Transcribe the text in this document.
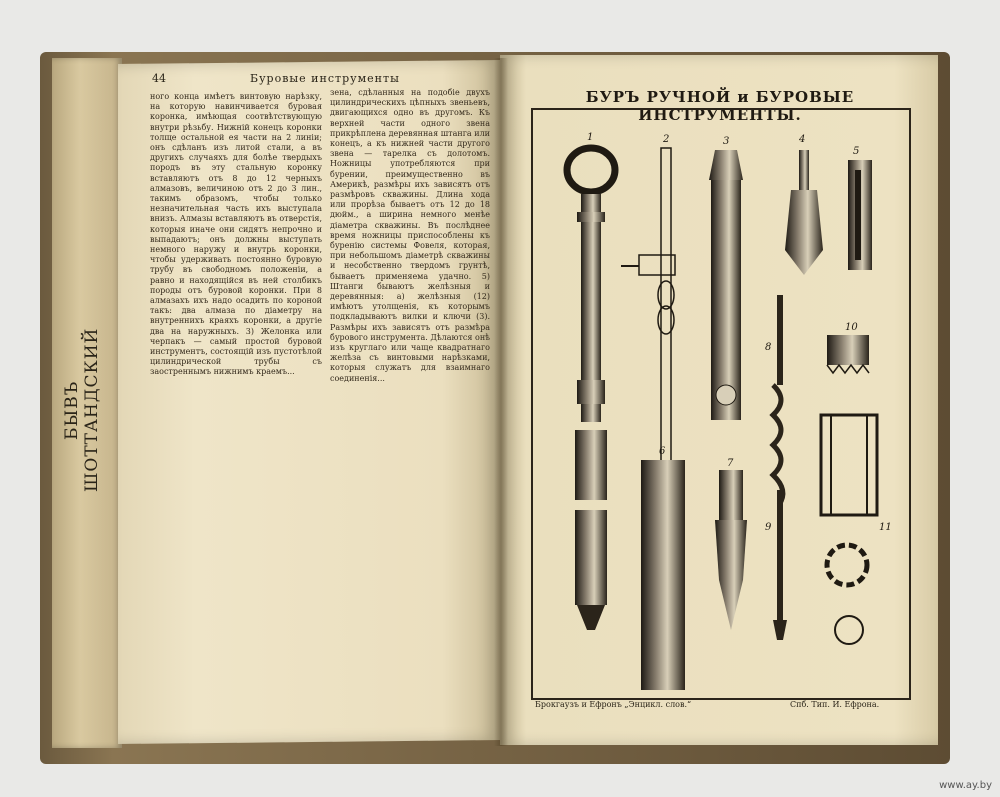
БЫВЪ ШОТТАНДСКИЙ
44	Буровые инструменты
ного конца имѣетъ винтовую нарѣзку, на которую навинчивается буровая коронка, имѣющая соотвѣтствующую внутри рѣзьбу. Нижній конецъ коронки толще остальной ея части на 2 линіи; онъ сдѣланъ изъ литой стали, а въ другихъ случаяхъ для болѣе твердыхъ породъ въ эту стальную коронку вставляютъ отъ 8 до 12 черныхъ алмазовъ, величиною отъ 2 до 3 лин., такимъ образомъ, чтобы только незначительная часть ихъ выступала внизъ. Алмазы вставляютъ въ отверстія, которыя иначе они сидятъ непрочно и выпадаютъ; онъ должны выступать немного наружу и внутрь коронки, чтобы удерживать постоянно буровую трубу въ свободномъ положеніи, а равно и находящійся въ ней столбикъ породы отъ буровой коронки. При 8 алмазахъ ихъ надо осадить по короной такъ: два алмаза по діаметру на внутреннихъ краяхъ коронки, а другіе два на наружныхъ. 3) Желонка или черпакъ — самый простой буровой инструментъ, состоящій изъ пустотѣлой цилиндрической трубы съ заостреннымъ нижнимъ краемъ...
зена, сдѣланныя на подобіе двухъ цилиндрическихъ цѣпныхъ звеньевъ, двигающихся одно въ другомъ. Къ верхней части одного звена прикрѣплена деревянная штанга или конецъ, а къ нижней части другого звена — тарелка съ долотомъ. Ножницы употребляются при бурении, преимущественно въ Америкѣ, размѣры ихъ зависятъ отъ размѣровъ скважины. Длина хода или прорѣза бываетъ отъ 12 до 18 дюйм., а ширина немного менѣе діаметра скважины. Въ послѣднее время ножницы приспособлены къ буренію системы Фовеля, которая, при небольшомъ діаметрѣ скважины и несобственно твердомъ грунтѣ, бываетъ применяема удачно. 5) Штанги бываютъ желѣзныя и деревянныя: а) желѣзныя (12) имѣютъ утолщенія, къ которымъ подкладываютъ вилки и ключи (3). Размѣры ихъ зависятъ отъ размѣра бурового инструмента. Дѣлаются онѣ изъ круглаго или чаще квадратнаго желѣза съ винтовыми нарѣзками, которыя служатъ для взаимнаго соединенія...
БУРЪ РУЧНОЙ и БУРОВЫЕ ИНСТРУМЕНТЫ.
1	2	3	4
5
6
7
8
9
10
11
Брокгаузъ и Ефронъ „Энцикл. слов.“	Спб. Тип. И. Ефрона.
www.ay.by
